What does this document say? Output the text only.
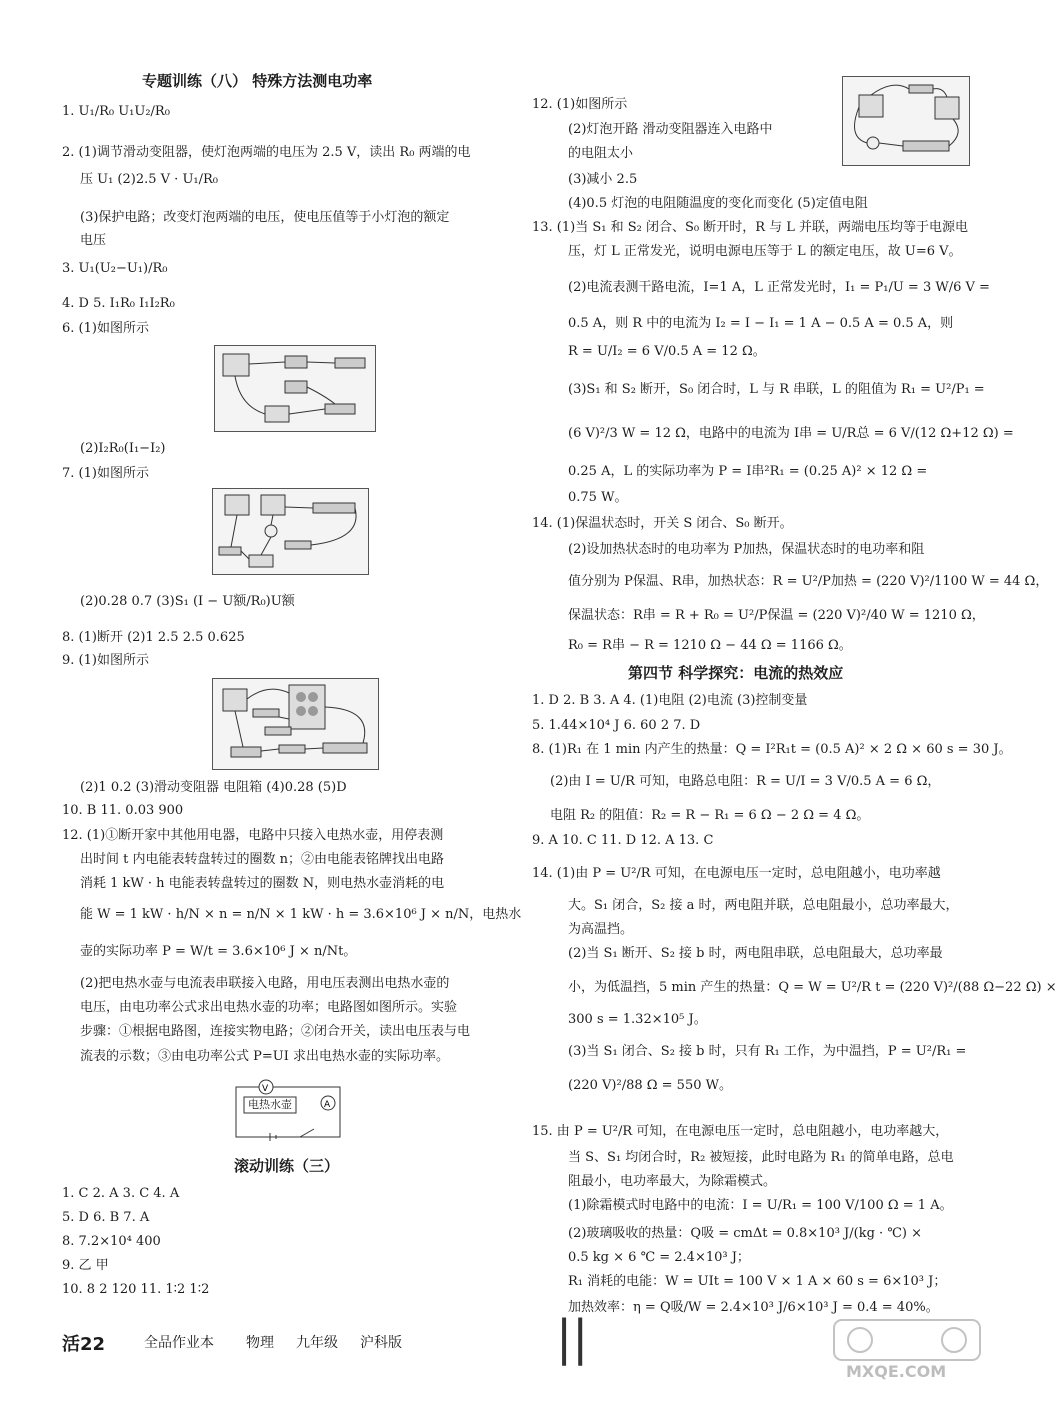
专题训练（八） 特殊方法测电功率
1. U₁/R₀ U₁U₂/R₀
2. (1)调节滑动变阻器，使灯泡两端的电压为 2.5 V，读出 R₀ 两端的电
压 U₁ (2)2.5 V · U₁/R₀
(3)保护电路；改变灯泡两端的电压，使电压值等于小灯泡的额定
电压
3. U₁(U₂−U₁)/R₀
4. D 5. I₁R₀ I₁I₂R₀
6. (1)如图所示
(2)I₂R₀(I₁−I₂)
7. (1)如图所示
(2)0.28 0.7 (3)S₁ (I − U额/R₀)U额
8. (1)断开 (2)1 2.5 2.5 0.625
9. (1)如图所示
(2)1 0.2 (3)滑动变阻器 电阻箱 (4)0.28 (5)D
10. B 11. 0.03 900
12. (1)①断开家中其他用电器，电路中只接入电热水壶，用停表测
出时间 t 内电能表转盘转过的圈数 n；②由电能表铭牌找出电路
消耗 1 kW · h 电能表转盘转过的圈数 N，则电热水壶消耗的电
能 W = 1 kW · h/N × n = n/N × 1 kW · h = 3.6×10⁶ J × n/N，电热水
壶的实际功率 P = W/t = 3.6×10⁶ J × n/Nt。
(2)把电热水壶与电流表串联接入电路，用电压表测出电热水壶的
电压，由电功率公式求出电热水壶的功率；电路图如图所示。实验
步骤：①根据电路图，连接实物电路；②闭合开关，读出电压表与电
流表的示数；③由电功率公式 P=UI 求出电热水壶的实际功率。
V
A
电热水壶
滚动训练（三）
1. C 2. A 3. C 4. A
5. D 6. B 7. A
8. 7.2×10⁴ 400
9. 乙 甲
10. 8 2 120 11. 1∶2 1∶2
12. (1)如图所示
(2)灯泡开路 滑动变阻器连入电路中
的电阻太小
(3)减小 2.5
(4)0.5 灯泡的电阻随温度的变化而变化 (5)定值电阻
13. (1)当 S₁ 和 S₂ 闭合、S₀ 断开时，R 与 L 并联，两端电压均等于电源电
压，灯 L 正常发光，说明电源电压等于 L 的额定电压，故 U=6 V。
(2)电流表测干路电流，I=1 A，L 正常发光时，I₁ = P₁/U = 3 W/6 V =
0.5 A，则 R 中的电流为 I₂ = I − I₁ = 1 A − 0.5 A = 0.5 A，则
R = U/I₂ = 6 V/0.5 A = 12 Ω。
(3)S₁ 和 S₂ 断开，S₀ 闭合时，L 与 R 串联，L 的阻值为 R₁ = U²/P₁ =
(6 V)²/3 W = 12 Ω，电路中的电流为 I串 = U/R总 = 6 V/(12 Ω+12 Ω) =
0.25 A，L 的实际功率为 P = I串²R₁ = (0.25 A)² × 12 Ω =
0.75 W。
14. (1)保温状态时，开关 S 闭合、S₀ 断开。
(2)设加热状态时的电功率为 P加热，保温状态时的电功率和阻
值分别为 P保温、R串，加热状态：R = U²/P加热 = (220 V)²/1100 W = 44 Ω，
保温状态：R串 = R + R₀ = U²/P保温 = (220 V)²/40 W = 1210 Ω，
R₀ = R串 − R = 1210 Ω − 44 Ω = 1166 Ω。
第四节 科学探究：电流的热效应
1. D 2. B 3. A 4. (1)电阻 (2)电流 (3)控制变量
5. 1.44×10⁴ J 6. 60 2 7. D
8. (1)R₁ 在 1 min 内产生的热量：Q = I²R₁t = (0.5 A)² × 2 Ω × 60 s = 30 J。
(2)由 I = U/R 可知，电路总电阻：R = U/I = 3 V/0.5 A = 6 Ω，
电阻 R₂ 的阻值：R₂ = R − R₁ = 6 Ω − 2 Ω = 4 Ω。
9. A 10. C 11. D 12. A 13. C
14. (1)由 P = U²/R 可知，在电源电压一定时，总电阻越小，电功率越
大。S₁ 闭合，S₂ 接 a 时，两电阻并联，总电阻最小，总功率最大，
为高温挡。
(2)当 S₁ 断开、S₂ 接 b 时，两电阻串联，总电阻最大，总功率最
小，为低温挡，5 min 产生的热量：Q = W = U²/R t = (220 V)²/(88 Ω−22 Ω) ×
300 s = 1.32×10⁵ J。
(3)当 S₁ 闭合、S₂ 接 b 时，只有 R₁ 工作，为中温挡，P = U²/R₁ =
(220 V)²/88 Ω = 550 W。
15. 由 P = U²/R 可知，在电源电压一定时，总电阻越小，电功率越大，
当 S、S₁ 均闭合时，R₂ 被短接，此时电路为 R₁ 的简单电路，总电
阻最小，电功率最大，为除霜模式。
(1)除霜模式时电路中的电流：I = U/R₁ = 100 V/100 Ω = 1 A。
(2)玻璃吸收的热量：Q吸 = cmΔt = 0.8×10³ J/(kg · ℃) ×
0.5 kg × 6 ℃ = 2.4×10³ J；
R₁ 消耗的电能：W = UIt = 100 V × 1 A × 60 s = 6×10³ J；
加热效率：η = Q吸/W = 2.4×10³ J/6×10³ J = 0.4 = 40%。
活22	全品作业本 物理 九年级 沪科版	||
MXQE.COM
